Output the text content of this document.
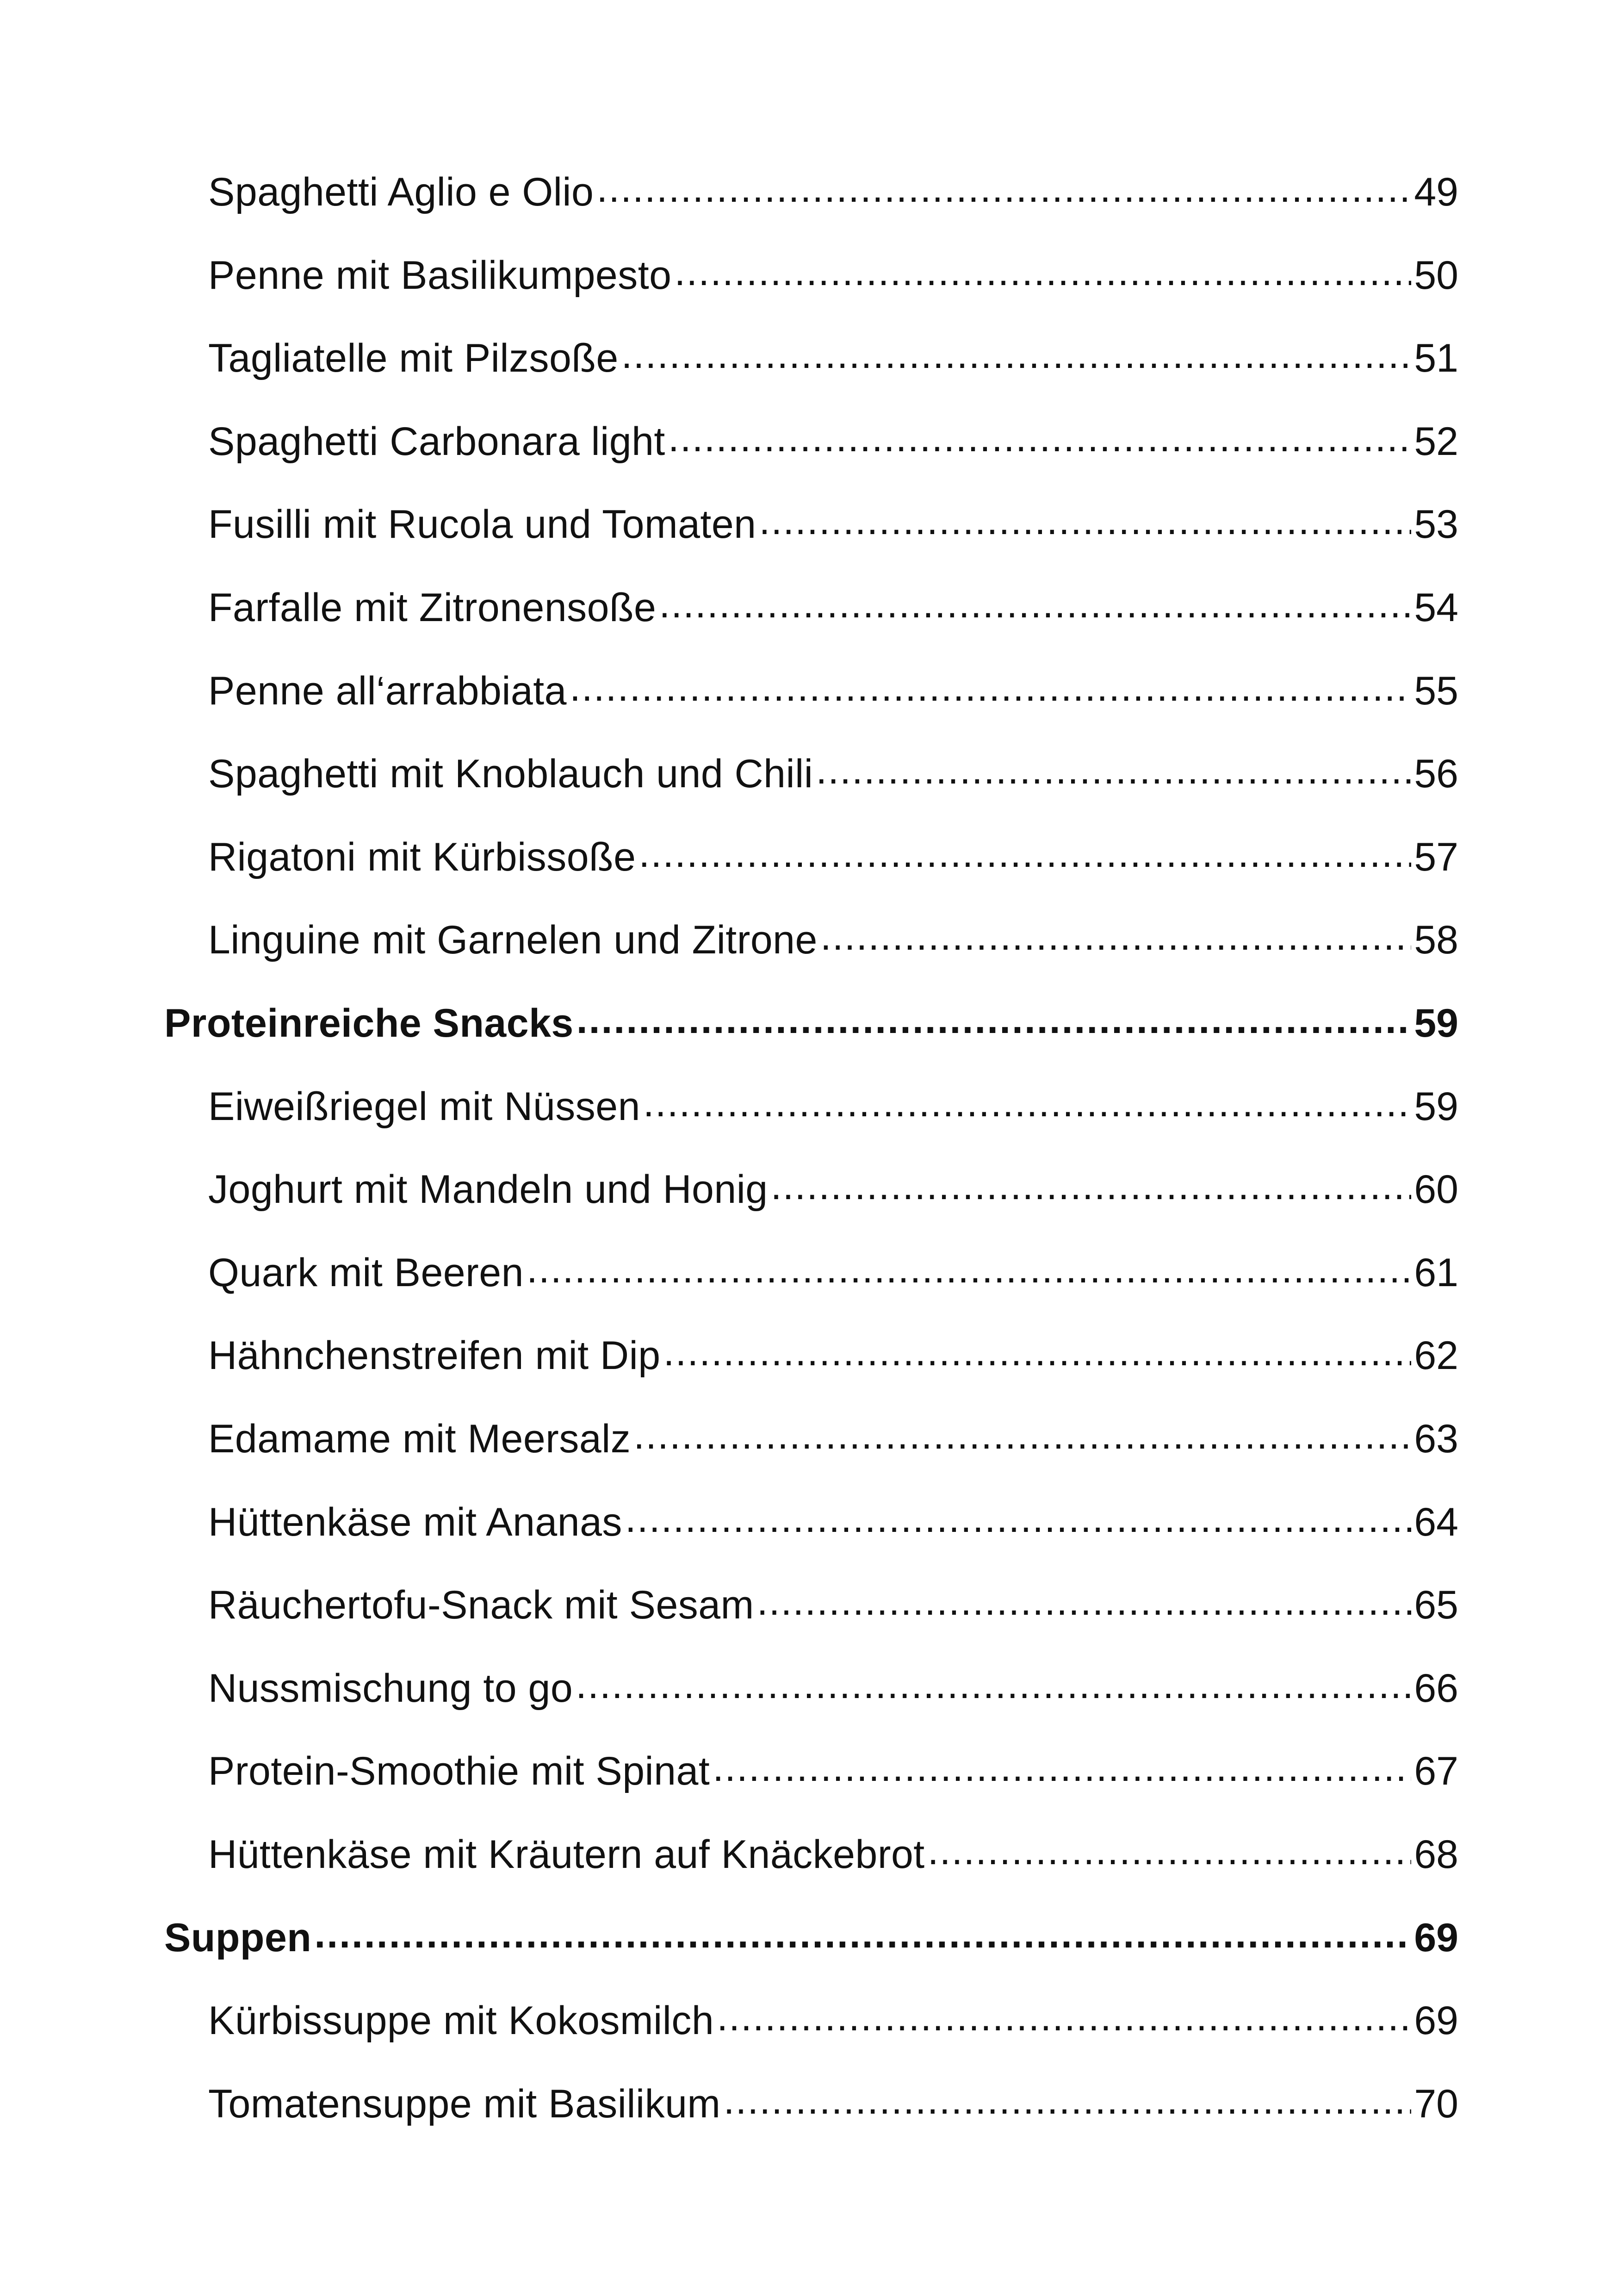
Spaghetti Aglio e Olio .....	49
Penne mit Basilikumpesto .....	50
Tagliatelle mit Pilzsoße .....	51
Spaghetti Carbonara light .....	52
Fusilli mit Rucola und Tomaten .....	53
Farfalle mit Zitronensoße .....	54
Penne all‘arrabbiata .....	55
Spaghetti mit Knoblauch und Chili .....	56
Rigatoni mit Kürbissoße .....	57
Linguine mit Garnelen und Zitrone .....	58
Proteinreiche Snacks .....	59
Eiweißriegel mit Nüssen .....	59
Joghurt mit Mandeln und Honig .....	60
Quark mit Beeren .....	61
Hähnchenstreifen mit Dip .....	62
Edamame mit Meersalz .....	63
Hüttenkäse mit Ananas .....	64
Räuchertofu-Snack mit Sesam .....	65
Nussmischung to go .....	66
Protein-Smoothie mit Spinat .....	67
Hüttenkäse mit Kräutern auf Knäckebrot .....	68
Suppen .....	69
Kürbissuppe mit Kokosmilch .....	69
Tomatensuppe mit Basilikum .....	70
